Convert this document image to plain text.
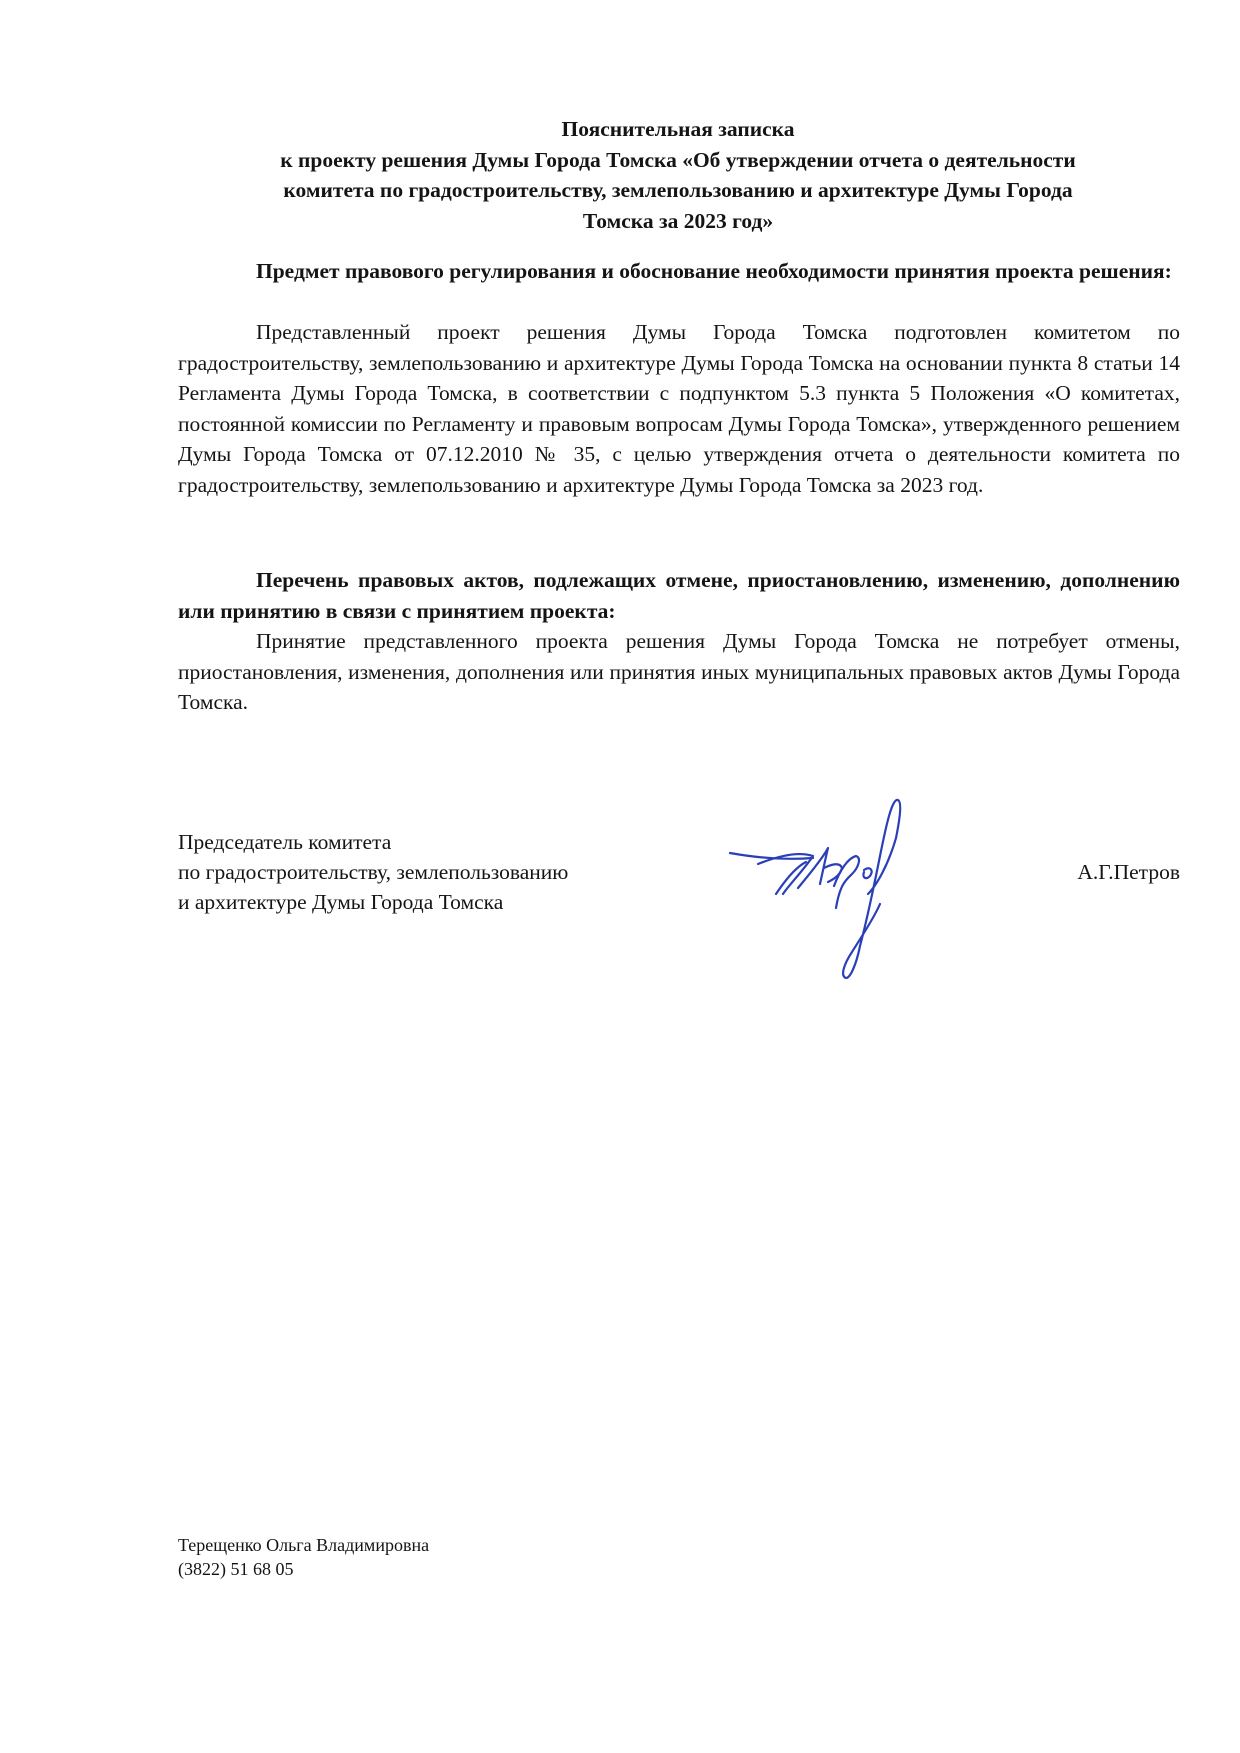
Пояснительная записка
к проекту решения Думы Города Томска «Об утверждении отчета о деятельности
комитета по градостроительству, землепользованию и архитектуре Думы Города
Томска за 2023 год»
Предмет правового регулирования и обоснование необходимости принятия проекта решения:
Представленный проект решения Думы Города Томска подготовлен комитетом по градостроительству, землепользованию и архитектуре Думы Города Томска на основании пункта 8 статьи 14 Регламента Думы Города Томска, в соответствии с подпунктом 5.3 пункта 5 Положения «О комитетах, постоянной комиссии по Регламенту и правовым вопросам Думы Города Томска», утвержденного решением Думы Города Томска от 07.12.2010 № 35, с целью утверждения отчета о деятельности комитета по градостроительству, землепользованию и архитектуре Думы Города Томска за 2023 год.
Перечень правовых актов, подлежащих отмене, приостановлению, изменению, дополнению или принятию в связи с принятием проекта:
Принятие представленного проекта решения Думы Города Томска не потребует отмены, приостановления, изменения, дополнения или принятия иных муниципальных правовых актов Думы Города Томска.
Председатель комитета
по градостроительству, землепользованию
и архитектуре Думы Города Томска
А.Г.Петров
Терещенко Ольга Владимировна
(3822) 51 68 05
